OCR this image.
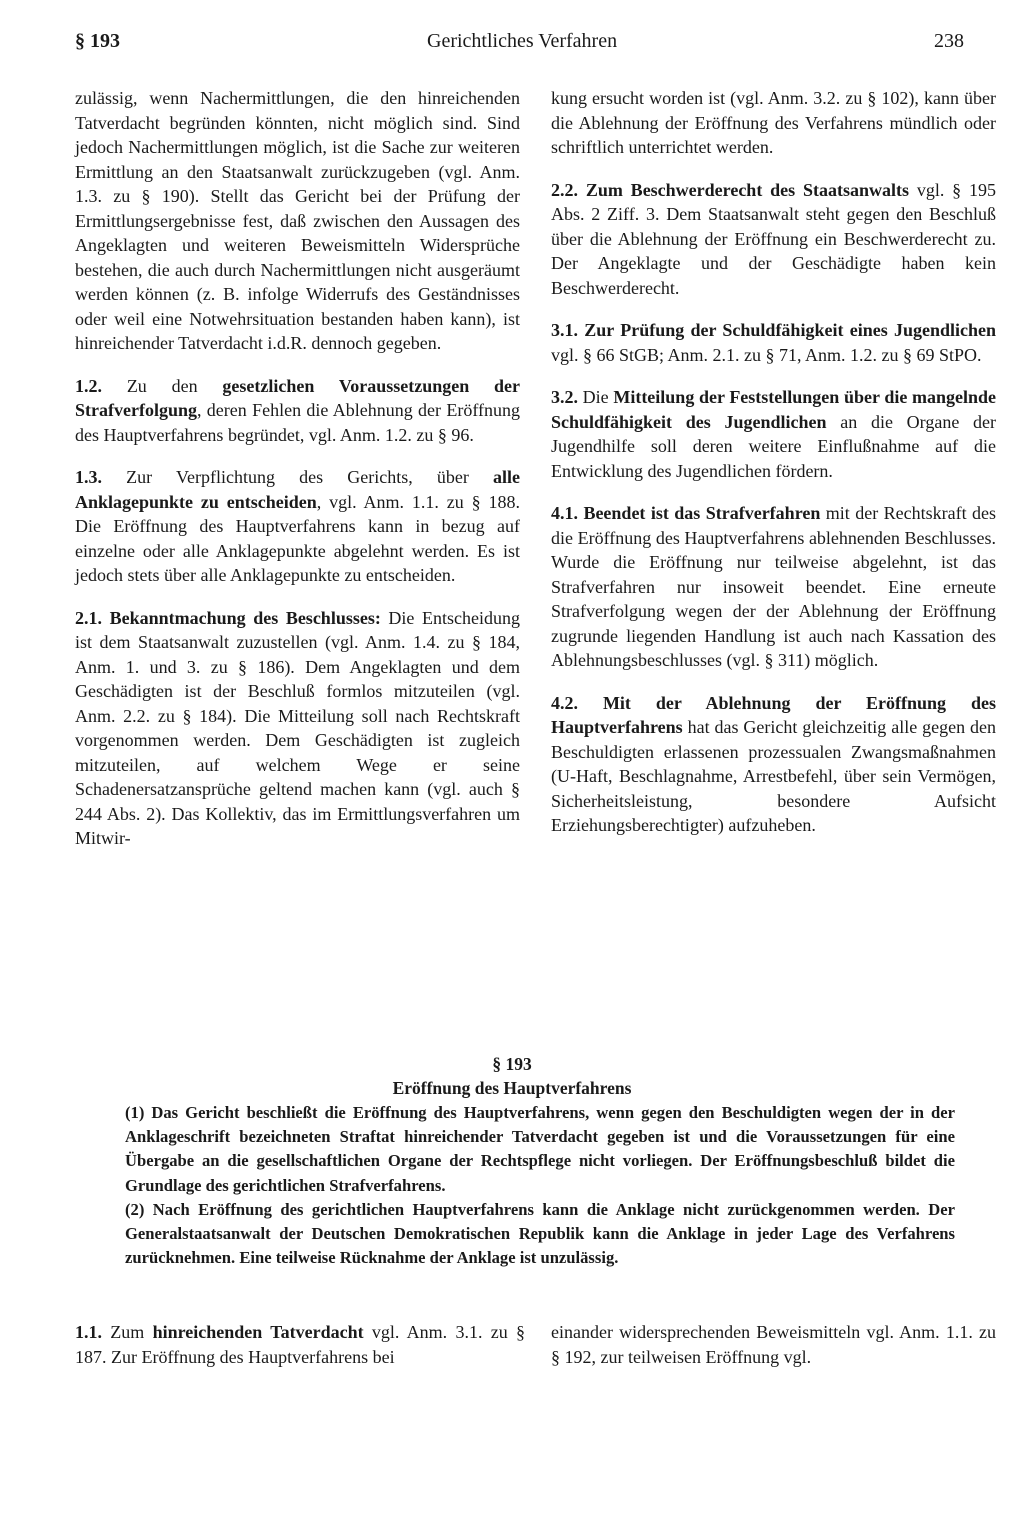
§ 193	Gerichtliches Verfahren	238

zulässig, wenn Nachermittlungen, die den hinreichenden Tatverdacht begründen könnten, nicht möglich sind. Sind jedoch Nachermittlungen möglich, ist die Sache zur weiteren Ermittlung an den Staatsanwalt zurückzugeben (vgl. Anm. 1.3. zu § 190). Stellt das Gericht bei der Prüfung der Ermittlungsergebnisse fest, daß zwischen den Aussagen des Angeklagten und weiteren Beweismitteln Widersprüche bestehen, die auch durch Nachermittlungen nicht ausgeräumt werden können (z. B. infolge Widerrufs des Geständnisses oder weil eine Notwehrsituation bestanden haben kann), ist hinreichender Tatverdacht i.d.R. dennoch gegeben.

1.2. Zu den gesetzlichen Voraussetzungen der Strafverfolgung, deren Fehlen die Ablehnung der Eröffnung des Hauptverfahrens begründet, vgl. Anm. 1.2. zu § 96.

1.3. Zur Verpflichtung des Gerichts, über alle Anklagepunkte zu entscheiden, vgl. Anm. 1.1. zu § 188. Die Eröffnung des Hauptverfahrens kann in bezug auf einzelne oder alle Anklagepunkte abgelehnt werden. Es ist jedoch stets über alle Anklagepunkte zu entscheiden.

2.1. Bekanntmachung des Beschlusses: Die Entscheidung ist dem Staatsanwalt zuzustellen (vgl. Anm. 1.4. zu § 184, Anm. 1. und 3. zu § 186). Dem Angeklagten und dem Geschädigten ist der Beschluß formlos mitzuteilen (vgl. Anm. 2.2. zu § 184). Die Mitteilung soll nach Rechtskraft vorgenommen werden. Dem Geschädigten ist zugleich mitzuteilen, auf welchem Wege er seine Schadenersatzansprüche geltend machen kann (vgl. auch § 244 Abs. 2). Das Kollektiv, das im Ermittlungsverfahren um Mitwir-

kung ersucht worden ist (vgl. Anm. 3.2. zu § 102), kann über die Ablehnung der Eröffnung des Verfahrens mündlich oder schriftlich unterrichtet werden.

2.2. Zum Beschwerderecht des Staatsanwalts vgl. § 195 Abs. 2 Ziff. 3. Dem Staatsanwalt steht gegen den Beschluß über die Ablehnung der Eröffnung ein Beschwerderecht zu. Der Angeklagte und der Geschädigte haben kein Beschwerderecht.

3.1. Zur Prüfung der Schuldfähigkeit eines Jugendlichen vgl. § 66 StGB; Anm. 2.1. zu § 71, Anm. 1.2. zu § 69 StPO.

3.2. Die Mitteilung der Feststellungen über die mangelnde Schuldfähigkeit des Jugendlichen an die Organe der Jugendhilfe soll deren weitere Einflußnahme auf die Entwicklung des Jugendlichen fördern.

4.1. Beendet ist das Strafverfahren mit der Rechtskraft des die Eröffnung des Hauptverfahrens ablehnenden Beschlusses. Wurde die Eröffnung nur teilweise abgelehnt, ist das Strafverfahren nur insoweit beendet. Eine erneute Strafverfolgung wegen der der Ablehnung der Eröffnung zugrunde liegenden Handlung ist auch nach Kassation des Ablehnungsbeschlusses (vgl. § 311) möglich.

4.2. Mit der Ablehnung der Eröffnung des Hauptverfahrens hat das Gericht gleichzeitig alle gegen den Beschuldigten erlassenen prozessualen Zwangsmaßnahmen (U-Haft, Beschlagnahme, Arrestbefehl, über sein Vermögen, Sicherheitsleistung, besondere Aufsicht Erziehungsberechtigter) aufzuheben.

§ 193
Eröffnung des Hauptverfahrens

(1) Das Gericht beschließt die Eröffnung des Hauptverfahrens, wenn gegen den Beschuldigten wegen der in der Anklageschrift bezeichneten Straftat hinreichender Tatverdacht gegeben ist und die Voraussetzungen für eine Übergabe an die gesellschaftlichen Organe der Rechtspflege nicht vorliegen. Der Eröffnungsbeschluß bildet die Grundlage des gerichtlichen Strafverfahrens.

(2) Nach Eröffnung des gerichtlichen Hauptverfahrens kann die Anklage nicht zurückgenommen werden. Der Generalstaatsanwalt der Deutschen Demokratischen Republik kann die Anklage in jeder Lage des Verfahrens zurücknehmen. Eine teilweise Rücknahme der Anklage ist unzulässig.

1.1. Zum hinreichenden Tatverdacht vgl. Anm. 3.1. zu § 187. Zur Eröffnung des Hauptverfahrens bei

einander widersprechenden Beweismitteln vgl. Anm. 1.1. zu § 192, zur teilweisen Eröffnung vgl.
